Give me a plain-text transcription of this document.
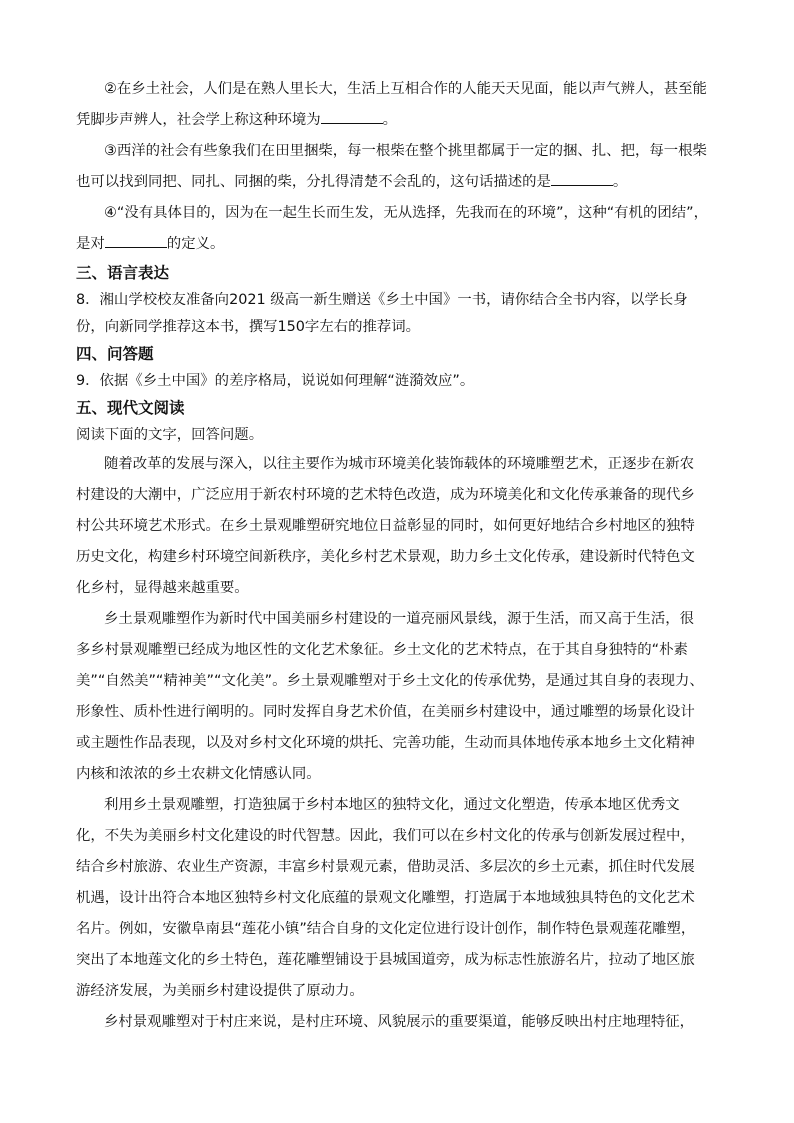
②在乡土社会，人们是在熟人里长大，生活上互相合作的人能天天见面，能以声气辨人，甚至能
凭脚步声辨人，社会学上称这种环境为	。
③西洋的社会有些象我们在田里捆柴，每一根柴在整个挑里都属于一定的捆、扎、把，每一根柴
也可以找到同把、同扎、同捆的柴，分扎得清楚不会乱的，这句话描述的是	。
④“没有具体目的，因为在一起生长而生发，无从选择，先我而在的环境”，这种“有机的团结”，
是对	的定义。
三、语言表达
8．湘山学校校友准备向2021 级高一新生赠送《乡土中国》一书，请你结合全书内容，以学长身
份，向新同学推荐这本书，撰写150字左右的推荐词。
四、问答题
9．依据《乡土中国》的差序格局，说说如何理解“涟漪效应”。
五、现代文阅读
阅读下面的文字，回答问题。
随着改革的发展与深入，以往主要作为城市环境美化装饰载体的环境雕塑艺术，正逐步在新农
村建设的大潮中，广泛应用于新农村环境的艺术特色改造，成为环境美化和文化传承兼备的现代乡
村公共环境艺术形式。在乡土景观雕塑研究地位日益彰显的同时，如何更好地结合乡村地区的独特
历史文化，构建乡村环境空间新秩序，美化乡村艺术景观，助力乡土文化传承，建设新时代特色文
化乡村，显得越来越重要。
乡土景观雕塑作为新时代中国美丽乡村建设的一道亮丽风景线，源于生活，而又高于生活，很
多乡村景观雕塑已经成为地区性的文化艺术象征。乡土文化的艺术特点，在于其自身独特的“朴素
美”“自然美”“精神美”“文化美”。乡土景观雕塑对于乡土文化的传承优势，是通过其自身的表现力、
形象性、质朴性进行阐明的。同时发挥自身艺术价值，在美丽乡村建设中，通过雕塑的场景化设计
或主题性作品表现，以及对乡村文化环境的烘托、完善功能，生动而具体地传承本地乡土文化精神
内核和浓浓的乡土农耕文化情感认同。
利用乡土景观雕塑，打造独属于乡村本地区的独特文化，通过文化塑造，传承本地区优秀文
化，不失为美丽乡村文化建设的时代智慧。因此，我们可以在乡村文化的传承与创新发展过程中，
结合乡村旅游、农业生产资源，丰富乡村景观元素，借助灵活、多层次的乡土元素，抓住时代发展
机遇，设计出符合本地区独特乡村文化底蕴的景观文化雕塑，打造属于本地域独具特色的文化艺术
名片。例如，安徽阜南县“莲花小镇”结合自身的文化定位进行设计创作，制作特色景观莲花雕塑，
突出了本地莲文化的乡土特色，莲花雕塑铺设于县城国道旁，成为标志性旅游名片，拉动了地区旅
游经济发展，为美丽乡村建设提供了原动力。
乡村景观雕塑对于村庄来说，是村庄环境、风貌展示的重要渠道，能够反映出村庄地理特征，
